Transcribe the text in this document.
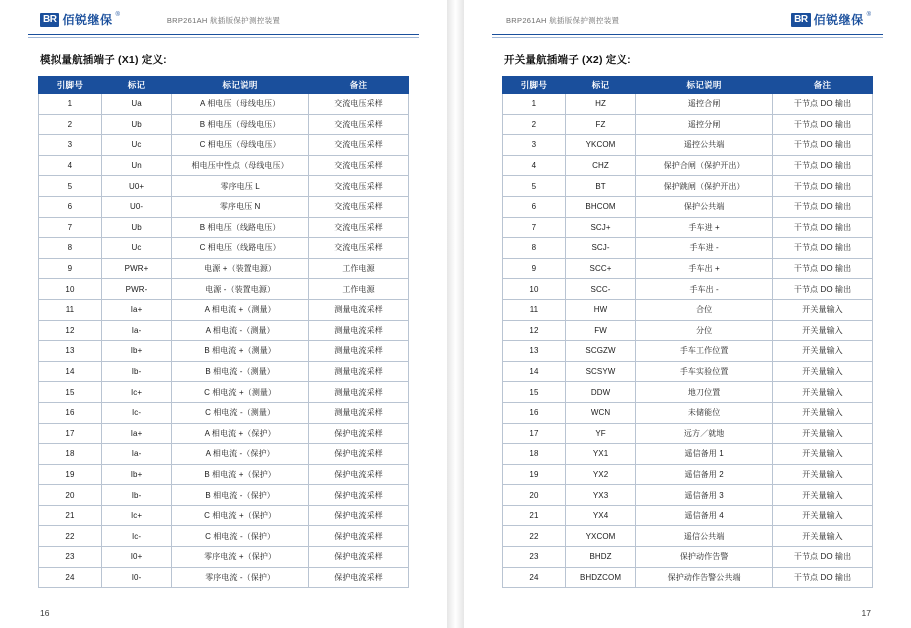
BR 佰锐继保 ®
BRP261AH 航插版保护测控装置
模拟量航插端子 (X1) 定义:
引脚号	标记	标记说明	备注
1	Ua	A 相电压（母线电压）	交流电压采样
2	Ub	B 相电压（母线电压）	交流电压采样
3	Uc	C 相电压（母线电压）	交流电压采样
4	Un	相电压中性点（母线电压）	交流电压采样
5	U0+	零序电压 L	交流电压采样
6	U0-	零序电压 N	交流电压采样
7	Ub	B 相电压（线路电压）	交流电压采样
8	Uc	C 相电压（线路电压）	交流电压采样
9	PWR+	电源 +（装置电源）	工作电源
10	PWR-	电源 -（装置电源）	工作电源
11	Ia+	A 相电流 +（测量）	测量电流采样
12	Ia-	A 相电流 -（测量）	测量电流采样
13	Ib+	B 相电流 +（测量）	测量电流采样
14	Ib-	B 相电流 -（测量）	测量电流采样
15	Ic+	C 相电流 +（测量）	测量电流采样
16	Ic-	C 相电流 -（测量）	测量电流采样
17	Ia+	A 相电流 +（保护）	保护电流采样
18	Ia-	A 相电流 -（保护）	保护电流采样
19	Ib+	B 相电流 +（保护）	保护电流采样
20	Ib-	B 相电流 -（保护）	保护电流采样
21	Ic+	C 相电流 +（保护）	保护电流采样
22	Ic-	C 相电流 -（保护）	保护电流采样
23	I0+	零序电流 +（保护）	保护电流采样
24	I0-	零序电流 -（保护）	保护电流采样
16
BRP261AH 航插版保护测控装置	BR 佰锐继保 ®
开关量航插端子 (X2) 定义:
引脚号	标记	标记说明	备注
1	HZ	遥控合闸	干节点 DO 输出
2	FZ	遥控分闸	干节点 DO 输出
3	YKCOM	遥控公共端	干节点 DO 输出
4	CHZ	保护合闸（保护开出）	干节点 DO 输出
5	BT	保护跳闸（保护开出）	干节点 DO 输出
6	BHCOM	保护公共端	干节点 DO 输出
7	SCJ+	手车进 +	干节点 DO 输出
8	SCJ-	手车进 -	干节点 DO 输出
9	SCC+	手车出 +	干节点 DO 输出
10	SCC-	手车出 -	干节点 DO 输出
11	HW	合位	开关量输入
12	FW	分位	开关量输入
13	SCGZW	手车工作位置	开关量输入
14	SCSYW	手车实验位置	开关量输入
15	DDW	地刀位置	开关量输入
16	WCN	未储能位	开关量输入
17	YF	远方／就地	开关量输入
18	YX1	遥信备用 1	开关量输入
19	YX2	遥信备用 2	开关量输入
20	YX3	遥信备用 3	开关量输入
21	YX4	遥信备用 4	开关量输入
22	YXCOM	遥信公共端	开关量输入
23	BHDZ	保护动作告警	干节点 DO 输出
24	BHDZCOM	保护动作告警公共端	干节点 DO 输出
17
